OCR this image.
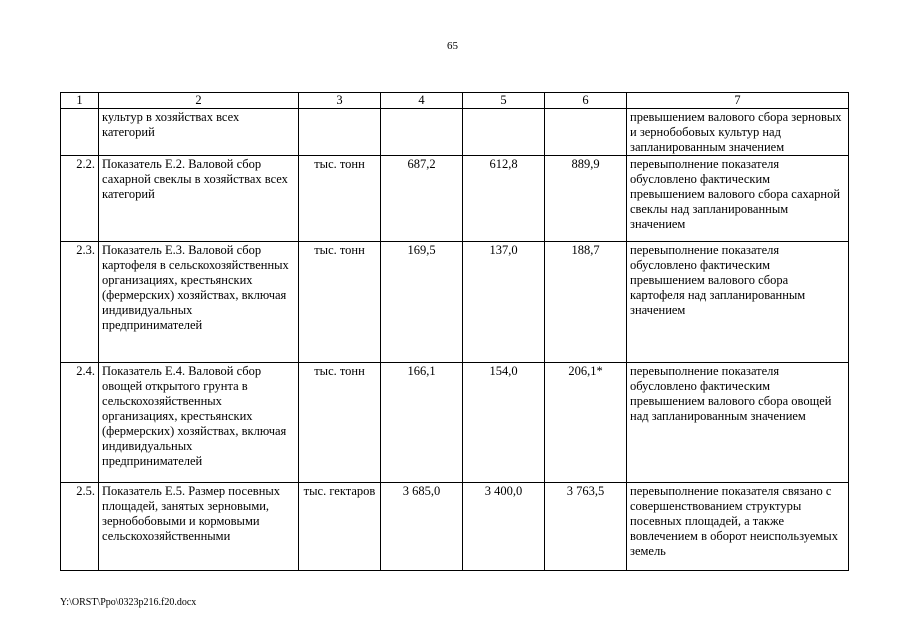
65
1	2	3	4	5	6	7
	культур в хозяйствах всех категорий					превышением валового сбора зерновых и зернобобовых культур над запланированным значением
2.2.	Показатель Е.2. Валовой сбор сахарной свеклы в хозяйствах всех категорий	тыс. тонн	687,2	612,8	889,9	перевыполнение показателя обусловлено фактическим превышением валового сбора сахарной свеклы над запланированным значением
2.3.	Показатель Е.3. Валовой сбор картофеля в сельскохозяйственных организациях, крестьянских (фермерских) хозяйствах, включая индивидуальных предпринимателей	тыс. тонн	169,5	137,0	188,7	перевыполнение показателя обусловлено фактическим превышением валового сбора картофеля над запланированным значением
2.4.	Показатель Е.4. Валовой сбор овощей открытого грунта в сельскохозяйственных организациях, крестьянских (фермерских) хозяйствах, включая индивидуальных предпринимателей	тыс. тонн	166,1	154,0	206,1*	перевыполнение показателя обусловлено фактическим превышением валового сбора овощей над запланированным значением
2.5.	Показатель Е.5. Размер посевных площадей, занятых зерновыми, зернобобовыми и кормовыми сельскохозяйственными	тыс. гектаров	3 685,0	3 400,0	3 763,5	перевыполнение показателя связано с совершенствованием структуры посевных площадей, а также вовлечением в оборот неиспользуемых земель
Y:\ORST\Ppo\0323p216.f20.docx
